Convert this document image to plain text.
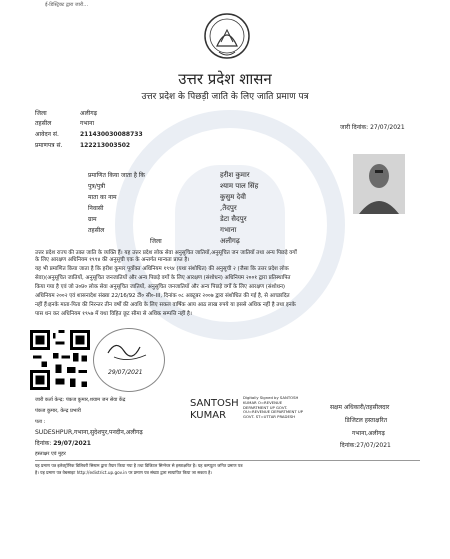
ई-डिस्ट्रिक्ट द्वारा जारी...
उत्तर प्रदेश शासन
उत्तर प्रदेश के पिछड़ी जाति के लिए जाति प्रमाण पत्र
जिला	अलीगढ़
तहसील	गभाना
आवेदन सं.	211430030088733
प्रमाणपत्र सं.	122213003502
जारी दिनांक: 27/07/2021
प्रमाणित किया जाता है कि	हरीश कुमार
पुत्र/पुत्री	श्याम पाल सिंह
माता का नाम	कुसुम देवी
निवासी	,तैदपुर
ग्राम	डेटा सैदपुर
तहसील	गभाना
जिला	अलीगढ़
उत्तर प्रदेश राज्य की उक्त जाति के व्यक्ति हैं। यह उत्तर प्रदेश लोक सेवा अनुसूचित जातियों,अनुसूचित जन जातियों तथा अन्य पिछड़े वर्गों
के लिए आरक्षण अधिनियम १९९४ की अनुसूची एक के अन्तर्गत मान्यता प्राप्त है।
यह भी प्रमाणित किया जाता है कि हरीश कुमार पूर्वोक्त अधिनियम १९९४ (यथा संशोधित) की अनुसूची २ (जैसा कि उत्तर प्रदेश लोक
सेवा)(अनुसूचित जातियों, अनुसूचित जनजातियों और अन्य पिछड़े वर्गों के लिए आरक्षण (संशोधन) अधिनियम २००१ द्वारा प्रतिस्थापित
किया गया है एवं जो उ०प्र० लोक सेवा अनुसूचित जातियों, अनुसूचित जनजातियों और अन्य पिछड़े वर्गों के लिए आरक्षण (संशोधन)
अधिनियम २००२ एवं शासनादेश संख्या 22/16/92 टी० सी०-III, दिनांक ०८ अक्टूबर २००७ द्वारा संशोधित की गई है, से आच्छादित
नहीं हैं।इनके माता-पिता की निरन्तर तीन वर्षों की अवधि के लिए सकल वार्षिक आय आठ लाख रुपये या इससे अधिक नहीं है तथा इनके
पास धन कर अधिनियम १९५७ में यथा विहित छूट सीमा से अधिक सम्पत्ति नहीं है।
29/07/2021
जारी कर्ता केन्द्र: पंकज कुमार,शयाम जन सेवा केंद्र
पंकज कुमार, केन्द्र प्रभारी
पता :
SUDESHPUR,गभाना,सुदेशपुर,पनदीन,अलीगढ़
दिनांक: 29/07/2021
हस्ताक्षर एवं मुहर
SANTOSH
KUMAR
Digitally Signed by SANTOSH KUMAR O=REVENUE DEPARTMENT UP GOVT. OU=REVENUE DEPARTMENT UP GOVT. ST=UTTAR PRADESH
सक्षम अधिकारी/तहसीलदार
डिजिटल हस्ताक्षरित
गभाना,अलीगढ़
दिनांक:27/07/2021
यह प्रमाण पत्र इलेक्ट्रॉनिक डिलिवरी सिस्टम द्वारा तैयार किया गया है तथा डिजिटल सिग्नेचर से हस्ताक्षरित है। यह कम्प्यूटर जनित प्रमाण पत्र
है। यह प्रमाण पत्र वेबसाइट http://edistrict.up.gov.in पर प्रमाण पत्र संख्या द्वारा सत्यापित किया जा सकता है।
